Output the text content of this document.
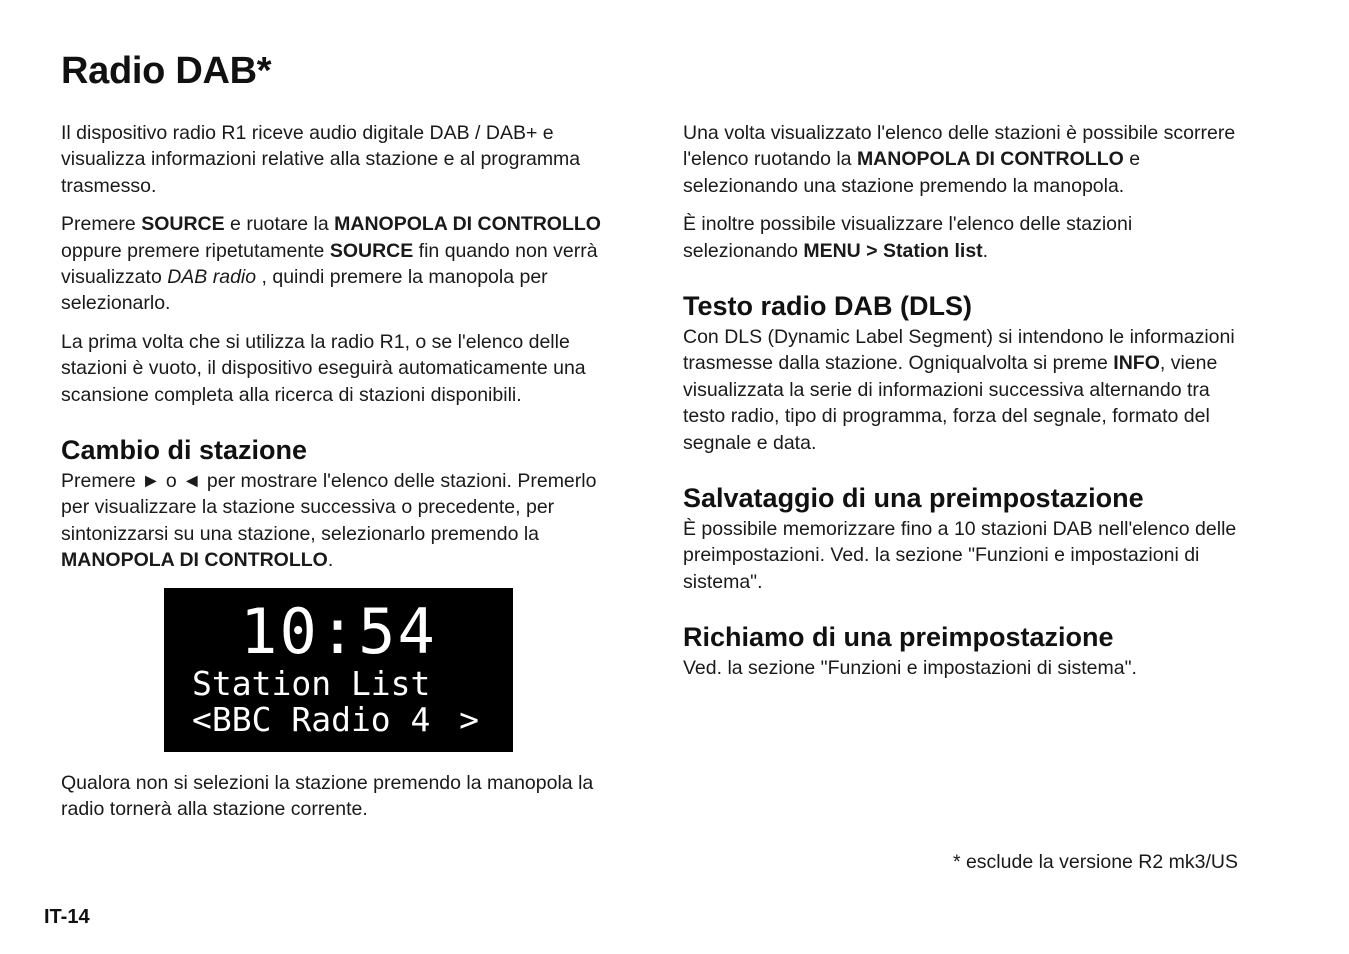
Radio DAB*

Il dispositivo radio R1 riceve audio digitale DAB / DAB+ e visualizza informazioni relative alla stazione e al programma trasmesso.

Premere SOURCE e ruotare la MANOPOLA DI CONTROLLO oppure premere ripetutamente SOURCE fin quando non verrà visualizzato DAB radio , quindi premere la manopola per selezionarlo.

La prima volta che si utilizza la radio R1, o se l'elenco delle stazioni è vuoto, il dispositivo eseguirà automaticamente una scansione completa alla ricerca di stazioni disponibili.

Cambio di stazione

Premere ► o ◄ per mostrare l'elenco delle stazioni. Premerlo per visualizzare la stazione successiva o precedente, per sintonizzarsi su una stazione, selezionarlo premendo la MANOPOLA DI CONTROLLO.

10:54
Station List
<BBC Radio 4 >

Qualora non si selezioni la stazione premendo la manopola la radio tornerà alla stazione corrente.

Una volta visualizzato l'elenco delle stazioni è possibile scorrere l'elenco ruotando la MANOPOLA DI CONTROLLO e selezionando una stazione premendo la manopola.

È inoltre possibile visualizzare l'elenco delle stazioni selezionando MENU > Station list.

Testo radio DAB (DLS)

Con DLS (Dynamic Label Segment) si intendono le informazioni trasmesse dalla stazione. Ogniqualvolta si preme INFO, viene visualizzata la serie di informazioni successiva alternando tra testo radio, tipo di programma, forza del segnale, formato del segnale e data.

Salvataggio di una preimpostazione

È possibile memorizzare fino a 10 stazioni DAB nell'elenco delle preimpostazioni. Ved. la sezione "Funzioni e impostazioni di sistema".

Richiamo di una preimpostazione

Ved. la sezione "Funzioni e impostazioni di sistema".

* esclude la versione R2 mk3/US
IT-14
